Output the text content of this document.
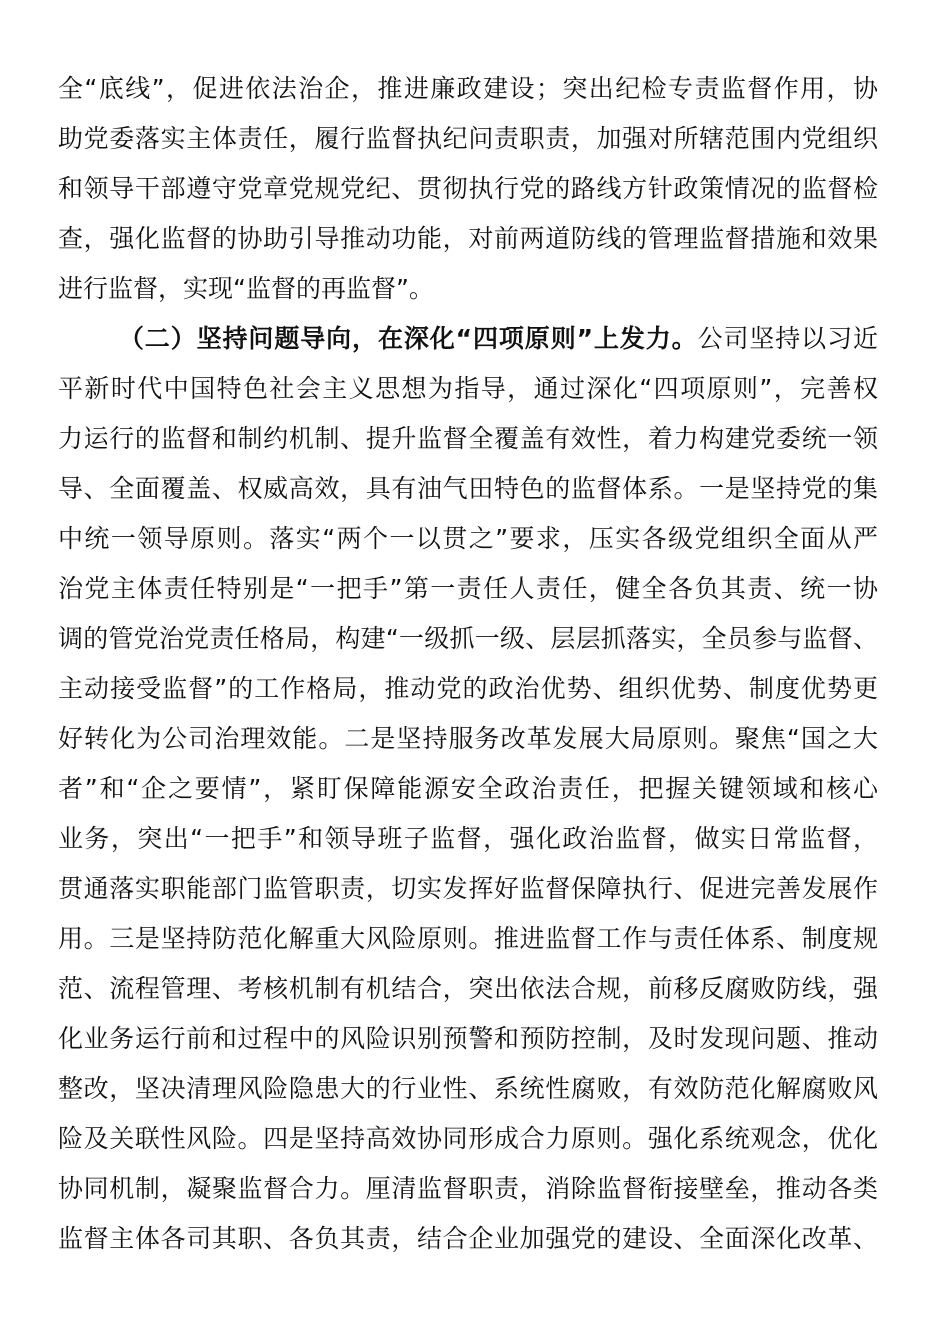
全“底线”，促进依法治企，推进廉政建设；突出纪检专责监督作用，协
助党委落实主体责任，履行监督执纪问责职责，加强对所辖范围内党组织
和领导干部遵守党章党规党纪、贯彻执行党的路线方针政策情况的监督检
查，强化监督的协助引导推动功能，对前两道防线的管理监督措施和效果
进行监督，实现“监督的再监督”。
（二）坚持问题导向，在深化“四项原则”上发力。公司坚持以习近
平新时代中国特色社会主义思想为指导，通过深化“四项原则”，完善权
力运行的监督和制约机制、提升监督全覆盖有效性，着力构建党委统一领
导、全面覆盖、权威高效，具有油气田特色的监督体系。一是坚持党的集
中统一领导原则。落实“两个一以贯之”要求，压实各级党组织全面从严
治党主体责任特别是“一把手”第一责任人责任，健全各负其责、统一协
调的管党治党责任格局，构建“一级抓一级、层层抓落实，全员参与监督、
主动接受监督”的工作格局，推动党的政治优势、组织优势、制度优势更
好转化为公司治理效能。二是坚持服务改革发展大局原则。聚焦“国之大
者”和“企之要情”，紧盯保障能源安全政治责任，把握关键领域和核心
业务，突出“一把手”和领导班子监督，强化政治监督，做实日常监督，
贯通落实职能部门监管职责，切实发挥好监督保障执行、促进完善发展作
用。三是坚持防范化解重大风险原则。推进监督工作与责任体系、制度规
范、流程管理、考核机制有机结合，突出依法合规，前移反腐败防线，强
化业务运行前和过程中的风险识别预警和预防控制，及时发现问题、推动
整改，坚决清理风险隐患大的行业性、系统性腐败，有效防范化解腐败风
险及关联性风险。四是坚持高效协同形成合力原则。强化系统观念，优化
协同机制，凝聚监督合力。厘清监督职责，消除监督衔接壁垒，推动各类
监督主体各司其职、各负其责，结合企业加强党的建设、全面深化改革、
